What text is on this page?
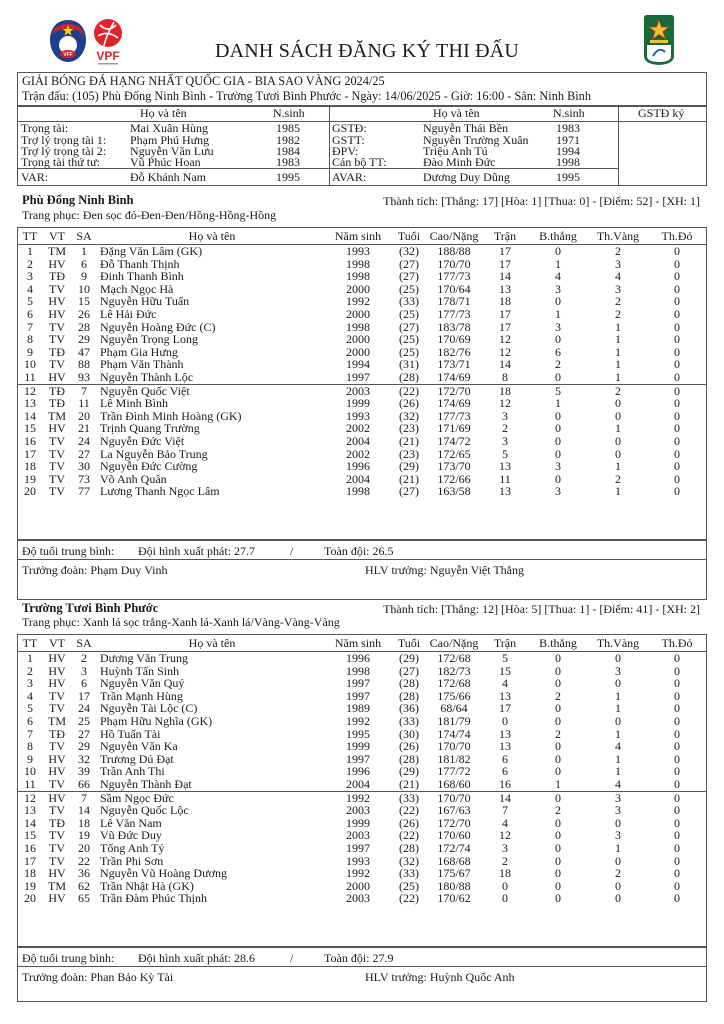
VFF VPF	DANH SÁCH ĐĂNG KÝ THI ĐẤU
GIẢI BÓNG ĐÁ HẠNG NHẤT QUỐC GIA - BIA SAO VÀNG 2024/25
Trận đấu: (105) Phù Đổng Ninh Bình - Trường Tươi Bình Phước - Ngày: 14/06/2025 - Giờ: 16:00 - Sân: Ninh Bình
Họ và tên	N.sinh	Họ và tên	N.sinh	GSTĐ ký
Trọng tài:	Mai Xuân Hùng	1985
Trợ lý trọng tài 1: Phạm Phú Hưng	1982
Trợ lý trọng tài 2: Nguyễn Văn Lưu	1984
Trọng tài thứ tư:	Vũ Phúc Hoan	1983
VAR:	Đỗ Khánh Nam	1995
GSTĐ:	Nguyễn Thái Bền	1983
GSTT:	Nguyễn Trường Xuân 1971
ĐPV:	Triệu Anh Tú	1994
Cán bộ TT:	Đào Minh Đức	1998
AVAR:	Dương Duy Dũng	1995
Phù Đổng Ninh Bình	Thành tích: [Thắng: 17] [Hòa: 1] [Thua: 0] - [Điểm: 52] - [XH: 1]
Trang phục: Đen sọc đỏ-Đen-Đen/Hồng-Hồng-Hồng
TT	VT	SA	Họ và tên	Năm sinh	Tuổi	Cao/Nặng	Trận	B.thắng	Th.Vàng	Th.Đỏ
1	TM	1	Đặng Văn Lâm (GK)	1993	(32)	188/88	17	0	2	0
2	HV	6	Đỗ Thanh Thịnh	1998	(27)	170/70	17	1	3	0
3	TĐ	9	Đinh Thanh Bình	1998	(27)	177/73	14	4	4	0
4	TV	10	Mạch Ngọc Hà	2000	(25)	170/64	13	3	3	0
5	HV	15	Nguyễn Hữu Tuấn	1992	(33)	178/71	18	0	2	0
6	HV	26	Lê Hải Đức	2000	(25)	177/73	17	1	2	0
7	TV	28	Nguyễn Hoàng Đức (C)	1998	(27)	183/78	17	3	1	0
8	TV	29	Nguyễn Trọng Long	2000	(25)	170/69	12	0	1	0
9	TĐ	47	Phạm Gia Hưng	2000	(25)	182/76	12	6	1	0
10	TV	88	Phạm Văn Thành	1994	(31)	173/71	14	2	1	0
11	HV	93	Nguyễn Thành Lộc	1997	(28)	174/69	8	0	1	0
12	TĐ	7	Nguyễn Quốc Việt	2003	(22)	172/70	18	5	2	0
13	TĐ	11	Lê Minh Bình	1999	(26)	174/69	12	1	0	0
14	TM	20	Trần Đình Minh Hoàng (GK)	1993	(32)	177/73	3	0	0	0
15	HV	21	Trịnh Quang Trường	2002	(23)	171/69	2	0	1	0
16	TV	24	Nguyễn Đức Việt	2004	(21)	174/72	3	0	0	0
17	TV	27	La Nguyễn Bảo Trung	2002	(23)	172/65	5	0	0	0
18	TV	30	Nguyễn Đức Cường	1996	(29)	173/70	13	3	1	0
19	TV	73	Võ Anh Quân	2004	(21)	172/66	11	0	2	0
20	TV	77	Lương Thanh Ngọc Lâm	1998	(27)	163/58	13	3	1	0
Độ tuổi trung bình: Đội hình xuất phát: 27.7	/	Toàn đội: 26.5
Trưởng đoàn: Phạm Duy Vinh	HLV trưởng: Nguyễn Việt Thắng
Trường Tươi Bình Phước	Thành tích: [Thắng: 12] [Hòa: 5] [Thua: 1] - [Điểm: 41] - [XH: 2]
Trang phục: Xanh lá sọc trắng-Xanh lá-Xanh lá/Vàng-Vàng-Vàng
TT	VT	SA	Họ và tên	Năm sinh	Tuổi	Cao/Nặng	Trận	B.thắng	Th.Vàng	Th.Đỏ
1	HV	2	Dương Văn Trung	1996	(29)	172/68	5	0	0	0
2	HV	3	Huỳnh Tấn Sinh	1998	(27)	182/73	15	0	3	0
3	HV	6	Nguyễn Văn Quý	1997	(28)	172/68	4	0	0	0
4	TV	17	Trần Mạnh Hùng	1997	(28)	175/66	13	2	1	0
5	TV	24	Nguyễn Tài Lộc (C)	1989	(36)	68/64	17	0	1	0
6	TM	25	Phạm Hữu Nghĩa (GK)	1992	(33)	181/79	0	0	0	0
7	TĐ	27	Hồ Tuấn Tài	1995	(30)	174/74	13	2	1	0
8	TV	29	Nguyễn Văn Ka	1999	(26)	170/70	13	0	4	0
9	HV	32	Trương Dủ Đạt	1997	(28)	181/82	6	0	1	0
10	HV	39	Trần Anh Thi	1996	(29)	177/72	6	0	1	0
11	TV	66	Nguyễn Thành Đạt	2004	(21)	168/60	16	1	4	0
12	HV	7	Sầm Ngọc Đức	1992	(33)	170/70	14	0	3	0
13	TV	14	Nguyễn Quốc Lộc	2003	(22)	167/63	7	2	3	0
14	TĐ	18	Lê Văn Nam	1999	(26)	172/70	4	0	0	0
15	TV	19	Vũ Đức Duy	2003	(22)	170/60	12	0	3	0
16	TV	20	Tống Anh Tỷ	1997	(28)	172/74	3	0	1	0
17	TV	22	Trần Phi Sơn	1993	(32)	168/68	2	0	0	0
18	HV	36	Nguyễn Vũ Hoàng Dương	1992	(33)	175/67	18	0	2	0
19	TM	62	Trần Nhật Hà (GK)	2000	(25)	180/88	0	0	0	0
20	HV	65	Trần Đàm Phúc Thịnh	2003	(22)	170/62	0	0	0	0
Độ tuổi trung bình: Đội hình xuất phát: 28.6	/	Toàn đội: 27.9
Trưởng đoàn: Phan Bảo Kỳ Tài	HLV trưởng: Huỳnh Quốc Anh
